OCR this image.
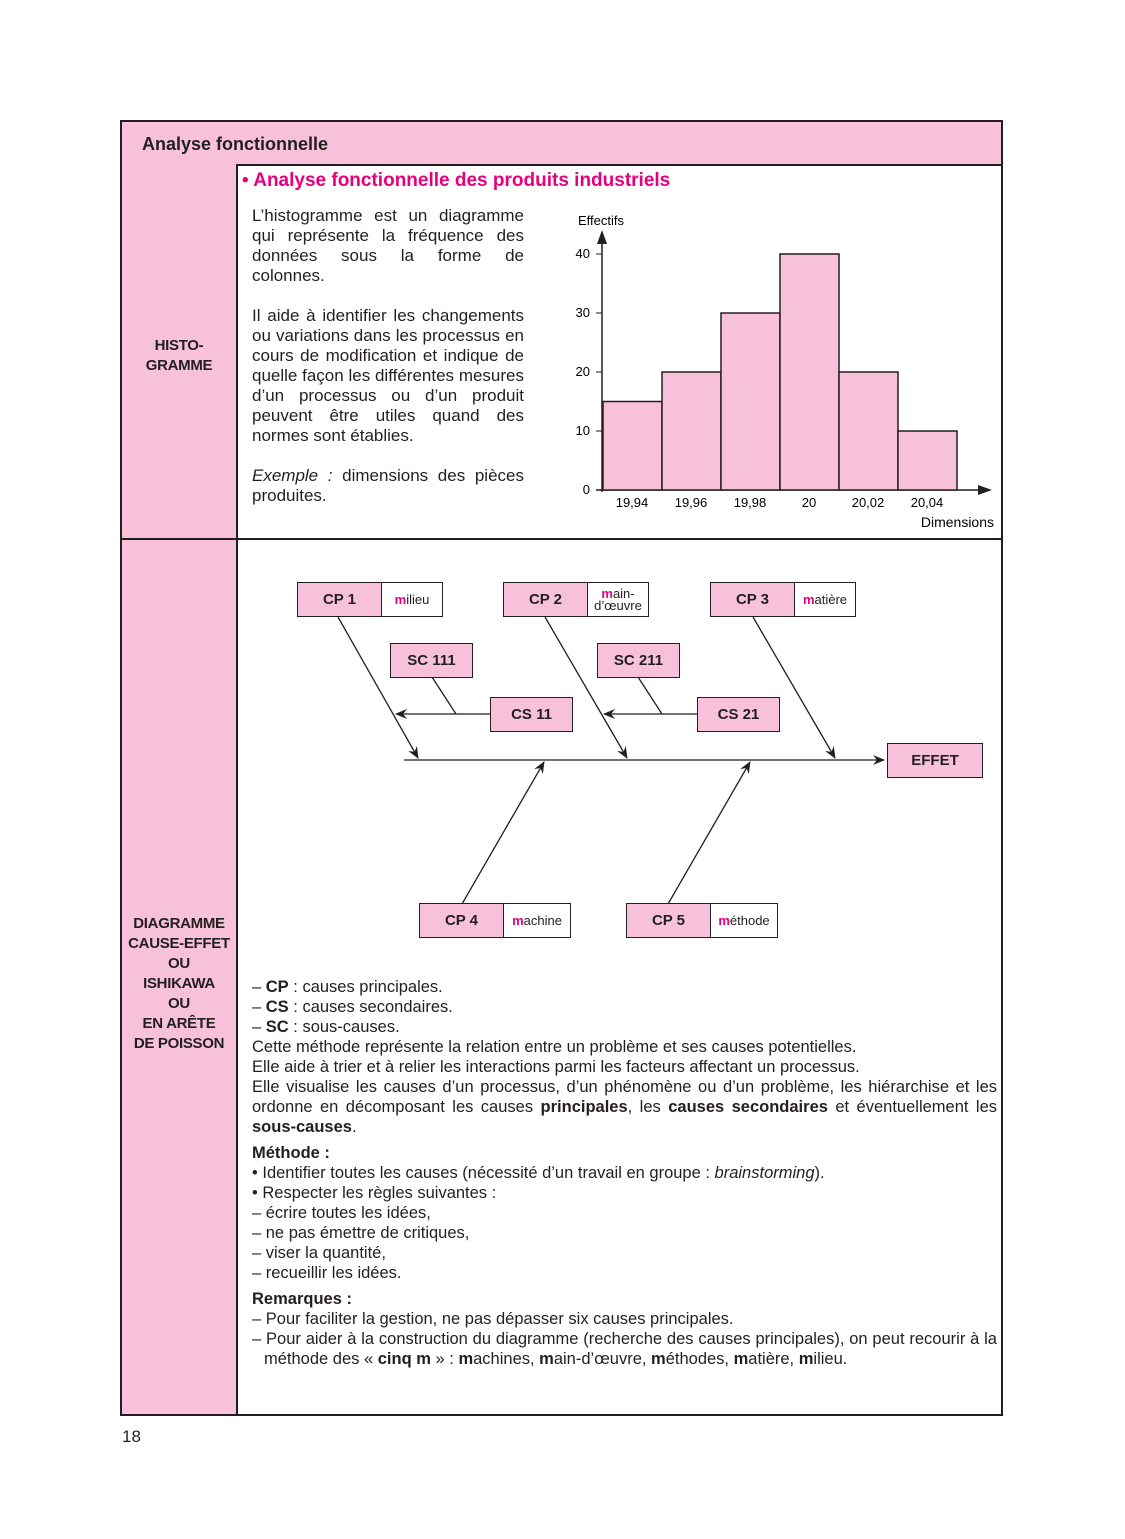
Analyse fonctionnelle
HISTO-
GRAMME
DIAGRAMME
CAUSE-EFFET
OU
ISHIKAWA
OU
EN ARÊTE
DE POISSON
• Analyse fonctionnelle des produits industriels

L’histogramme est un diagramme qui représente la fréquence des données sous la forme de colonnes.

Il aide à identifier les changements ou variations dans les processus en cours de modification et indique de quelle façon les différentes mesures d’un processus ou d’un produit peuvent être utiles quand des normes sont établies.

Exemple : dimensions des pièces produites.

Effectifs
0
10
20
30
40
19,94 19,96 19,98	20	20,02 20,04
Dimensions
CP 1	m ilieu	CP 2	main-
d’œuvre	CP 3	m atière
SC 111	SC 211
CS 11	CS 21
EFFET
CP 4	m achine	CP 5	m éthode

– CP : causes principales.

– CS : causes secondaires.

– SC : sous-causes.

Cette méthode représente la relation entre un problème et ses causes potentielles.

Elle aide à trier et à relier les interactions parmi les facteurs affectant un processus.

Elle visualise les causes d’un processus, d’un phénomène ou d’un problème, les hiérarchise et les ordonne en décomposant les causes principales, les causes secondaires et éventuellement les sous-causes.

Méthode :

• Identifier toutes les causes (nécessité d’un travail en groupe : brainstorming).

• Respecter les règles suivantes :

– écrire toutes les idées,

– ne pas émettre de critiques,

– viser la quantité,

– recueillir les idées.

Remarques :

– Pour faciliter la gestion, ne pas dépasser six causes principales.

– Pour aider à la construction du diagramme (recherche des causes principales), on peut recourir à la méthode des « cinq m » : machines, main-d’œuvre, méthodes, matière, milieu.

18
